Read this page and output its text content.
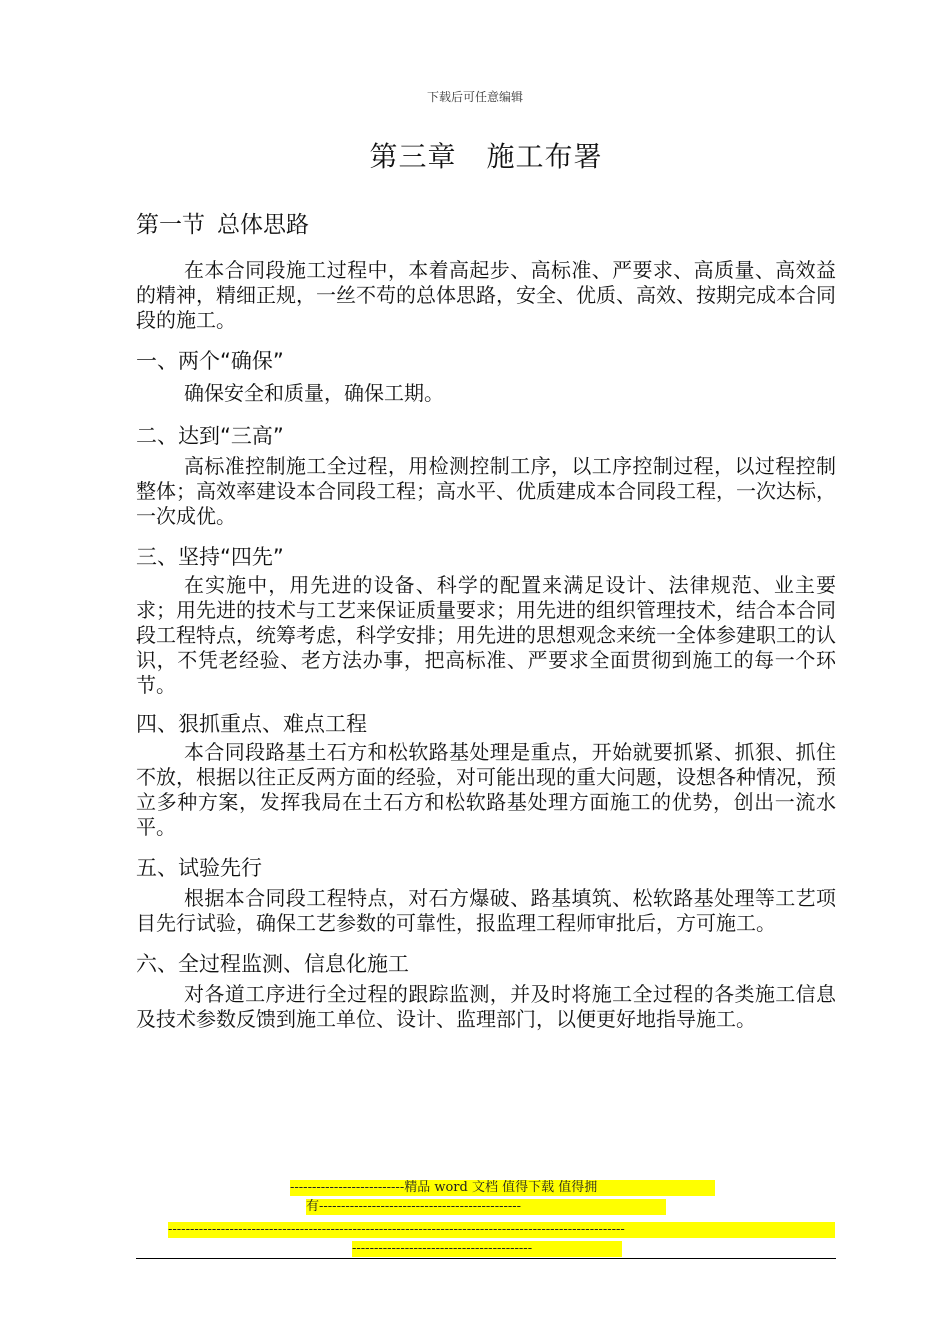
下载后可任意编辑
第三章 施工布署
第一节 总体思路

在本合同段施工过程中，本着高起步、高标准、严要求、高质量、高效益的精神，精细正规，一丝不苟的总体思路，安全、优质、高效、按期完成本合同段的施工。

一、两个“确保”

确保安全和质量，确保工期。

二、达到“三高”

高标准控制施工全过程，用检测控制工序，以工序控制过程，以过程控制整体；高效率建设本合同段工程；高水平、优质建成本合同段工程，一次达标，一次成优。

三、坚持“四先”

在实施中，用先进的设备、科学的配置来满足设计、法律规范、业主要求；用先进的技术与工艺来保证质量要求；用先进的组织管理技术，结合本合同段工程特点，统筹考虑，科学安排；用先进的思想观念来统一全体参建职工的认识，不凭老经验、老方法办事，把高标准、严要求全面贯彻到施工的每一个环节。

四、狠抓重点、难点工程

本合同段路基土石方和松软路基处理是重点，开始就要抓紧、抓狠、抓住不放，根据以往正反两方面的经验，对可能出现的重大问题，设想各种情况，预立多种方案，发挥我局在土石方和松软路基处理方面施工的优势，创出一流水平。

五、试验先行

根据本合同段工程特点，对石方爆破、路基填筑、松软路基处理等工艺项目先行试验，确保工艺参数的可靠性，报监理工程师审批后，方可施工。

六、全过程监测、信息化施工

对各道工序进行全过程的跟踪监测，并及时将施工全过程的各类施工信息及技术参数反馈到施工单位、设计、监理部门，以便更好地指导施工。

--------------------------精品 word 文档 值得下载 值得拥
有----------------------------------------------
--------------------------------------------------------------------------------------------------------
-----------------------------------------
